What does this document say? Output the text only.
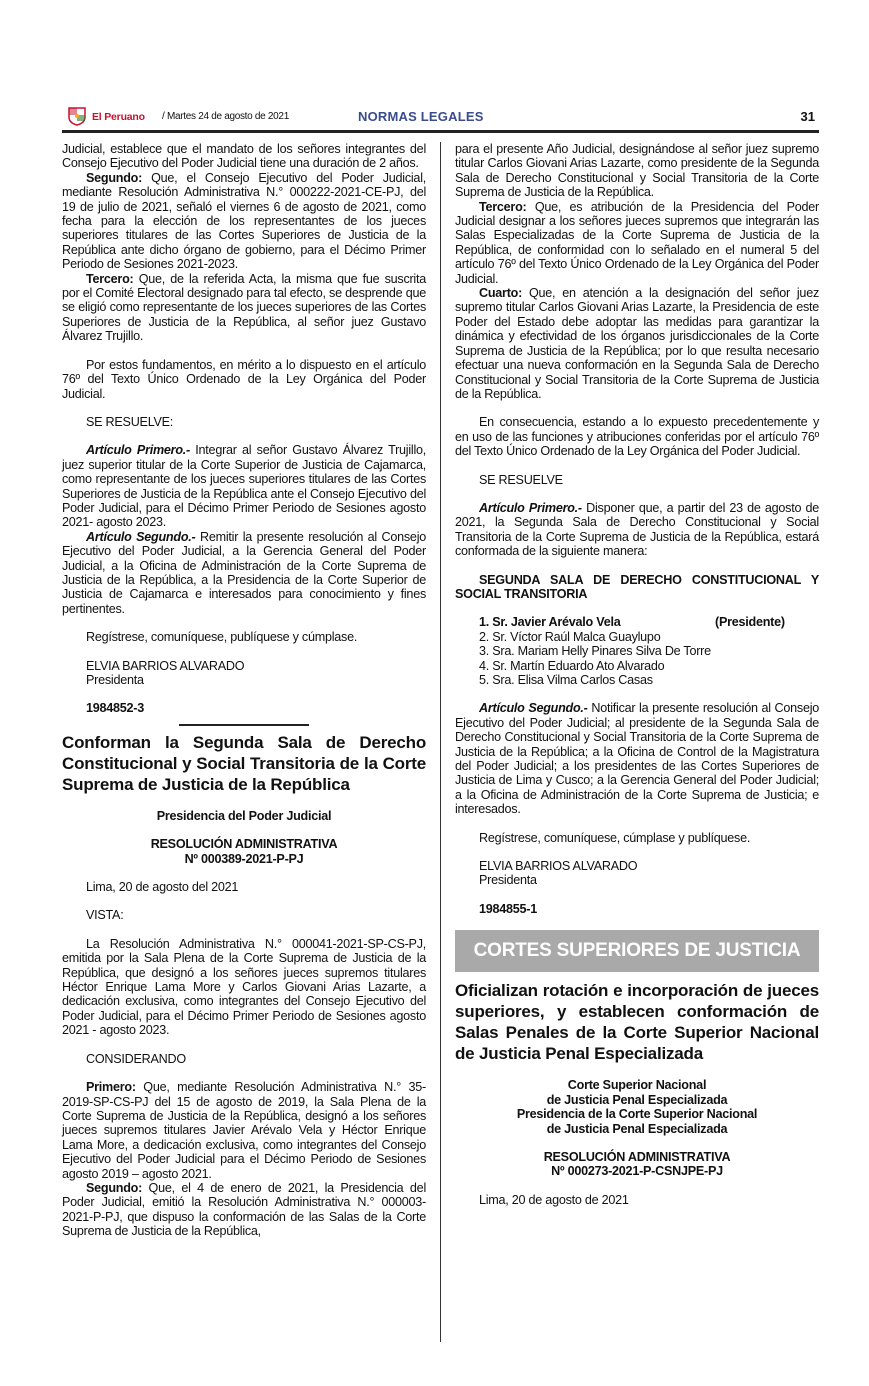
El Peruano / Martes 24 de agosto de 2021	NORMAS LEGALES	31
Judicial, establece que el mandato de los señores integrantes del Consejo Ejecutivo del Poder Judicial tiene una duración de 2 años.
Segundo: Que, el Consejo Ejecutivo del Poder Judicial, mediante Resolución Administrativa N.° 000222-2021-CE-PJ, del 19 de julio de 2021, señaló el viernes 6 de agosto de 2021, como fecha para la elección de los representantes de los jueces superiores titulares de las Cortes Superiores de Justicia de la República ante dicho órgano de gobierno, para el Décimo Primer Periodo de Sesiones 2021-2023.
Tercero: Que, de la referida Acta, la misma que fue suscrita por el Comité Electoral designado para tal efecto, se desprende que se eligió como representante de los jueces superiores de las Cortes Superiores de Justicia de la República, al señor juez Gustavo Álvarez Trujillo.
Por estos fundamentos, en mérito a lo dispuesto en el artículo 76º del Texto Único Ordenado de la Ley Orgánica del Poder Judicial.
SE RESUELVE:
Artículo Primero.- Integrar al señor Gustavo Álvarez Trujillo, juez superior titular de la Corte Superior de Justicia de Cajamarca, como representante de los jueces superiores titulares de las Cortes Superiores de Justicia de la República ante el Consejo Ejecutivo del Poder Judicial, para el Décimo Primer Periodo de Sesiones agosto 2021- agosto 2023.
Artículo Segundo.- Remitir la presente resolución al Consejo Ejecutivo del Poder Judicial, a la Gerencia General del Poder Judicial, a la Oficina de Administración de la Corte Suprema de Justicia de la República, a la Presidencia de la Corte Superior de Justicia de Cajamarca e interesados para conocimiento y fines pertinentes.
Regístrese, comuníquese, publíquese y cúmplase.
ELVIA BARRIOS ALVARADO
Presidenta
1984852-3
Conforman la Segunda Sala de Derecho Constitucional y Social Transitoria de la Corte Suprema de Justicia de la República
Presidencia del Poder Judicial
RESOLUCIÓN ADMINISTRATIVA
Nº 000389-2021-P-PJ
Lima, 20 de agosto del 2021
VISTA:
La Resolución Administrativa N.° 000041-2021-SP-CS-PJ, emitida por la Sala Plena de la Corte Suprema de Justicia de la República, que designó a los señores jueces supremos titulares Héctor Enrique Lama More y Carlos Giovani Arias Lazarte, a dedicación exclusiva, como integrantes del Consejo Ejecutivo del Poder Judicial, para el Décimo Primer Periodo de Sesiones agosto 2021 - agosto 2023.
CONSIDERANDO
Primero: Que, mediante Resolución Administrativa N.° 35-2019-SP-CS-PJ del 15 de agosto de 2019, la Sala Plena de la Corte Suprema de Justicia de la República, designó a los señores jueces supremos titulares Javier Arévalo Vela y Héctor Enrique Lama More, a dedicación exclusiva, como integrantes del Consejo Ejecutivo del Poder Judicial para el Décimo Periodo de Sesiones agosto 2019 – agosto 2021.
Segundo: Que, el 4 de enero de 2021, la Presidencia del Poder Judicial, emitió la Resolución Administrativa N.° 000003-2021-P-PJ, que dispuso la conformación de las Salas de la Corte Suprema de Justicia de la República,
para el presente Año Judicial, designándose al señor juez supremo titular Carlos Giovani Arias Lazarte, como presidente de la Segunda Sala de Derecho Constitucional y Social Transitoria de la Corte Suprema de Justicia de la República.
Tercero: Que, es atribución de la Presidencia del Poder Judicial designar a los señores jueces supremos que integrarán las Salas Especializadas de la Corte Suprema de Justicia de la República, de conformidad con lo señalado en el numeral 5 del artículo 76º del Texto Único Ordenado de la Ley Orgánica del Poder Judicial.
Cuarto: Que, en atención a la designación del señor juez supremo titular Carlos Giovani Arias Lazarte, la Presidencia de este Poder del Estado debe adoptar las medidas para garantizar la dinámica y efectividad de los órganos jurisdiccionales de la Corte Suprema de Justicia de la República; por lo que resulta necesario efectuar una nueva conformación en la Segunda Sala de Derecho Constitucional y Social Transitoria de la Corte Suprema de Justicia de la República.
En consecuencia, estando a lo expuesto precedentemente y en uso de las funciones y atribuciones conferidas por el artículo 76º del Texto Único Ordenado de la Ley Orgánica del Poder Judicial.
SE RESUELVE
Artículo Primero.- Disponer que, a partir del 23 de agosto de 2021, la Segunda Sala de Derecho Constitucional y Social Transitoria de la Corte Suprema de Justicia de la República, estará conformada de la siguiente manera:
SEGUNDA SALA DE DERECHO CONSTITUCIONAL Y SOCIAL TRANSITORIA
1. Sr. Javier Arévalo Vela	(Presidente)
2. Sr. Víctor Raúl Malca Guaylupo
3. Sra. Mariam Helly Pinares Silva De Torre
4. Sr. Martín Eduardo Ato Alvarado
5. Sra. Elisa Vilma Carlos Casas
Artículo Segundo.- Notificar la presente resolución al Consejo Ejecutivo del Poder Judicial; al presidente de la Segunda Sala de Derecho Constitucional y Social Transitoria de la Corte Suprema de Justicia de la República; a la Oficina de Control de la Magistratura del Poder Judicial; a los presidentes de las Cortes Superiores de Justicia de Lima y Cusco; a la Gerencia General del Poder Judicial; a la Oficina de Administración de la Corte Suprema de Justicia; e interesados.
Regístrese, comuníquese, cúmplase y publíquese.
ELVIA BARRIOS ALVARADO
Presidenta
1984855-1
CORTES SUPERIORES DE JUSTICIA
Oficializan rotación e incorporación de jueces superiores, y establecen conformación de Salas Penales de la Corte Superior Nacional de Justicia Penal Especializada
Corte Superior Nacional
de Justicia Penal Especializada
Presidencia de la Corte Superior Nacional
de Justicia Penal Especializada
RESOLUCIÓN ADMINISTRATIVA
Nº 000273-2021-P-CSNJPE-PJ
Lima, 20 de agosto de 2021
